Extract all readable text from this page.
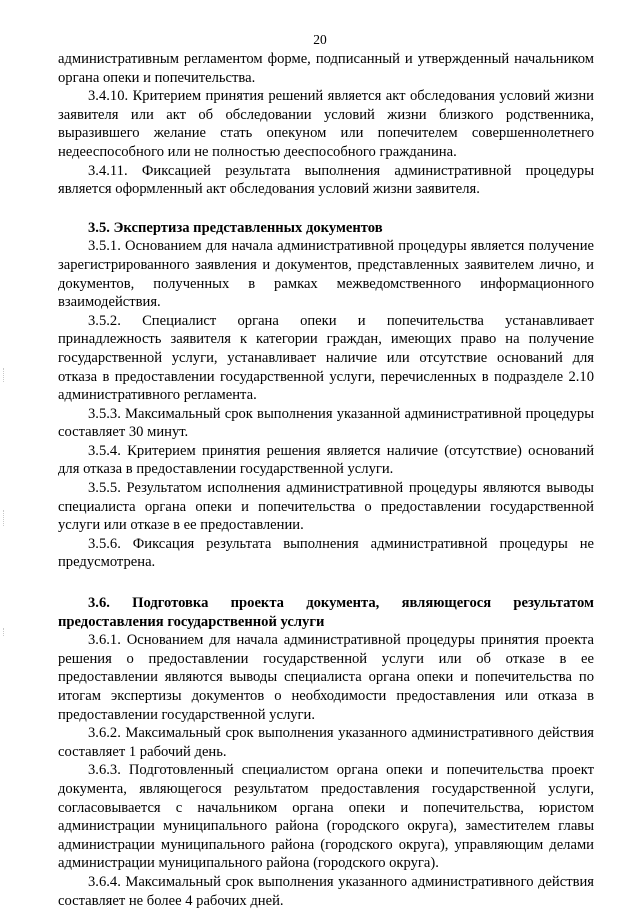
20

административным регламентом форме, подписанный и утвержденный начальником органа опеки и попечительства.

3.4.10. Критерием принятия решений является акт обследования условий жизни заявителя или акт об обследовании условий жизни близкого родственника, выразившего желание стать опекуном или попечителем совершеннолетнего недееспособного или не полностью дееспособного гражданина.

3.4.11. Фиксацией результата выполнения административной процедуры является оформленный акт обследования условий жизни заявителя.

3.5. Экспертиза представленных документов

3.5.1. Основанием для начала административной процедуры является получение зарегистрированного заявления и документов, представленных заявителем лично, и документов, полученных в рамках межведомственного информационного взаимодействия.

3.5.2. Специалист органа опеки и попечительства устанавливает принадлежность заявителя к категории граждан, имеющих право на получение государственной услуги, устанавливает наличие или отсутствие оснований для отказа в предоставлении государственной услуги, перечисленных в подразделе 2.10 административного регламента.

3.5.3. Максимальный срок выполнения указанной административной процедуры составляет 30 минут.

3.5.4. Критерием принятия решения является наличие (отсутствие) оснований для отказа в предоставлении государственной услуги.

3.5.5. Результатом исполнения административной процедуры являются выводы специалиста органа опеки и попечительства о предоставлении государственной услуги или отказе в ее предоставлении.

3.5.6. Фиксация результата выполнения административной процедуры не предусмотрена.

3.6. Подготовка проекта документа, являющегося результатом предоставления государственной услуги

3.6.1. Основанием для начала административной процедуры принятия проекта решения о предоставлении государственной услуги или об отказе в ее предоставлении являются выводы специалиста органа опеки и попечительства по итогам экспертизы документов о необходимости предоставления или отказа в предоставлении государственной услуги.

3.6.2. Максимальный срок выполнения указанного административного действия составляет 1 рабочий день.

3.6.3. Подготовленный специалистом органа опеки и попечительства проект документа, являющегося результатом предоставления государственной услуги, согласовывается с начальником органа опеки и попечительства, юристом администрации муниципального района (городского округа), заместителем главы администрации муниципального района (городского округа), управляющим делами администрации муниципального района (городского округа).

3.6.4. Максимальный срок выполнения указанного административного действия составляет не более 4 рабочих дней.
